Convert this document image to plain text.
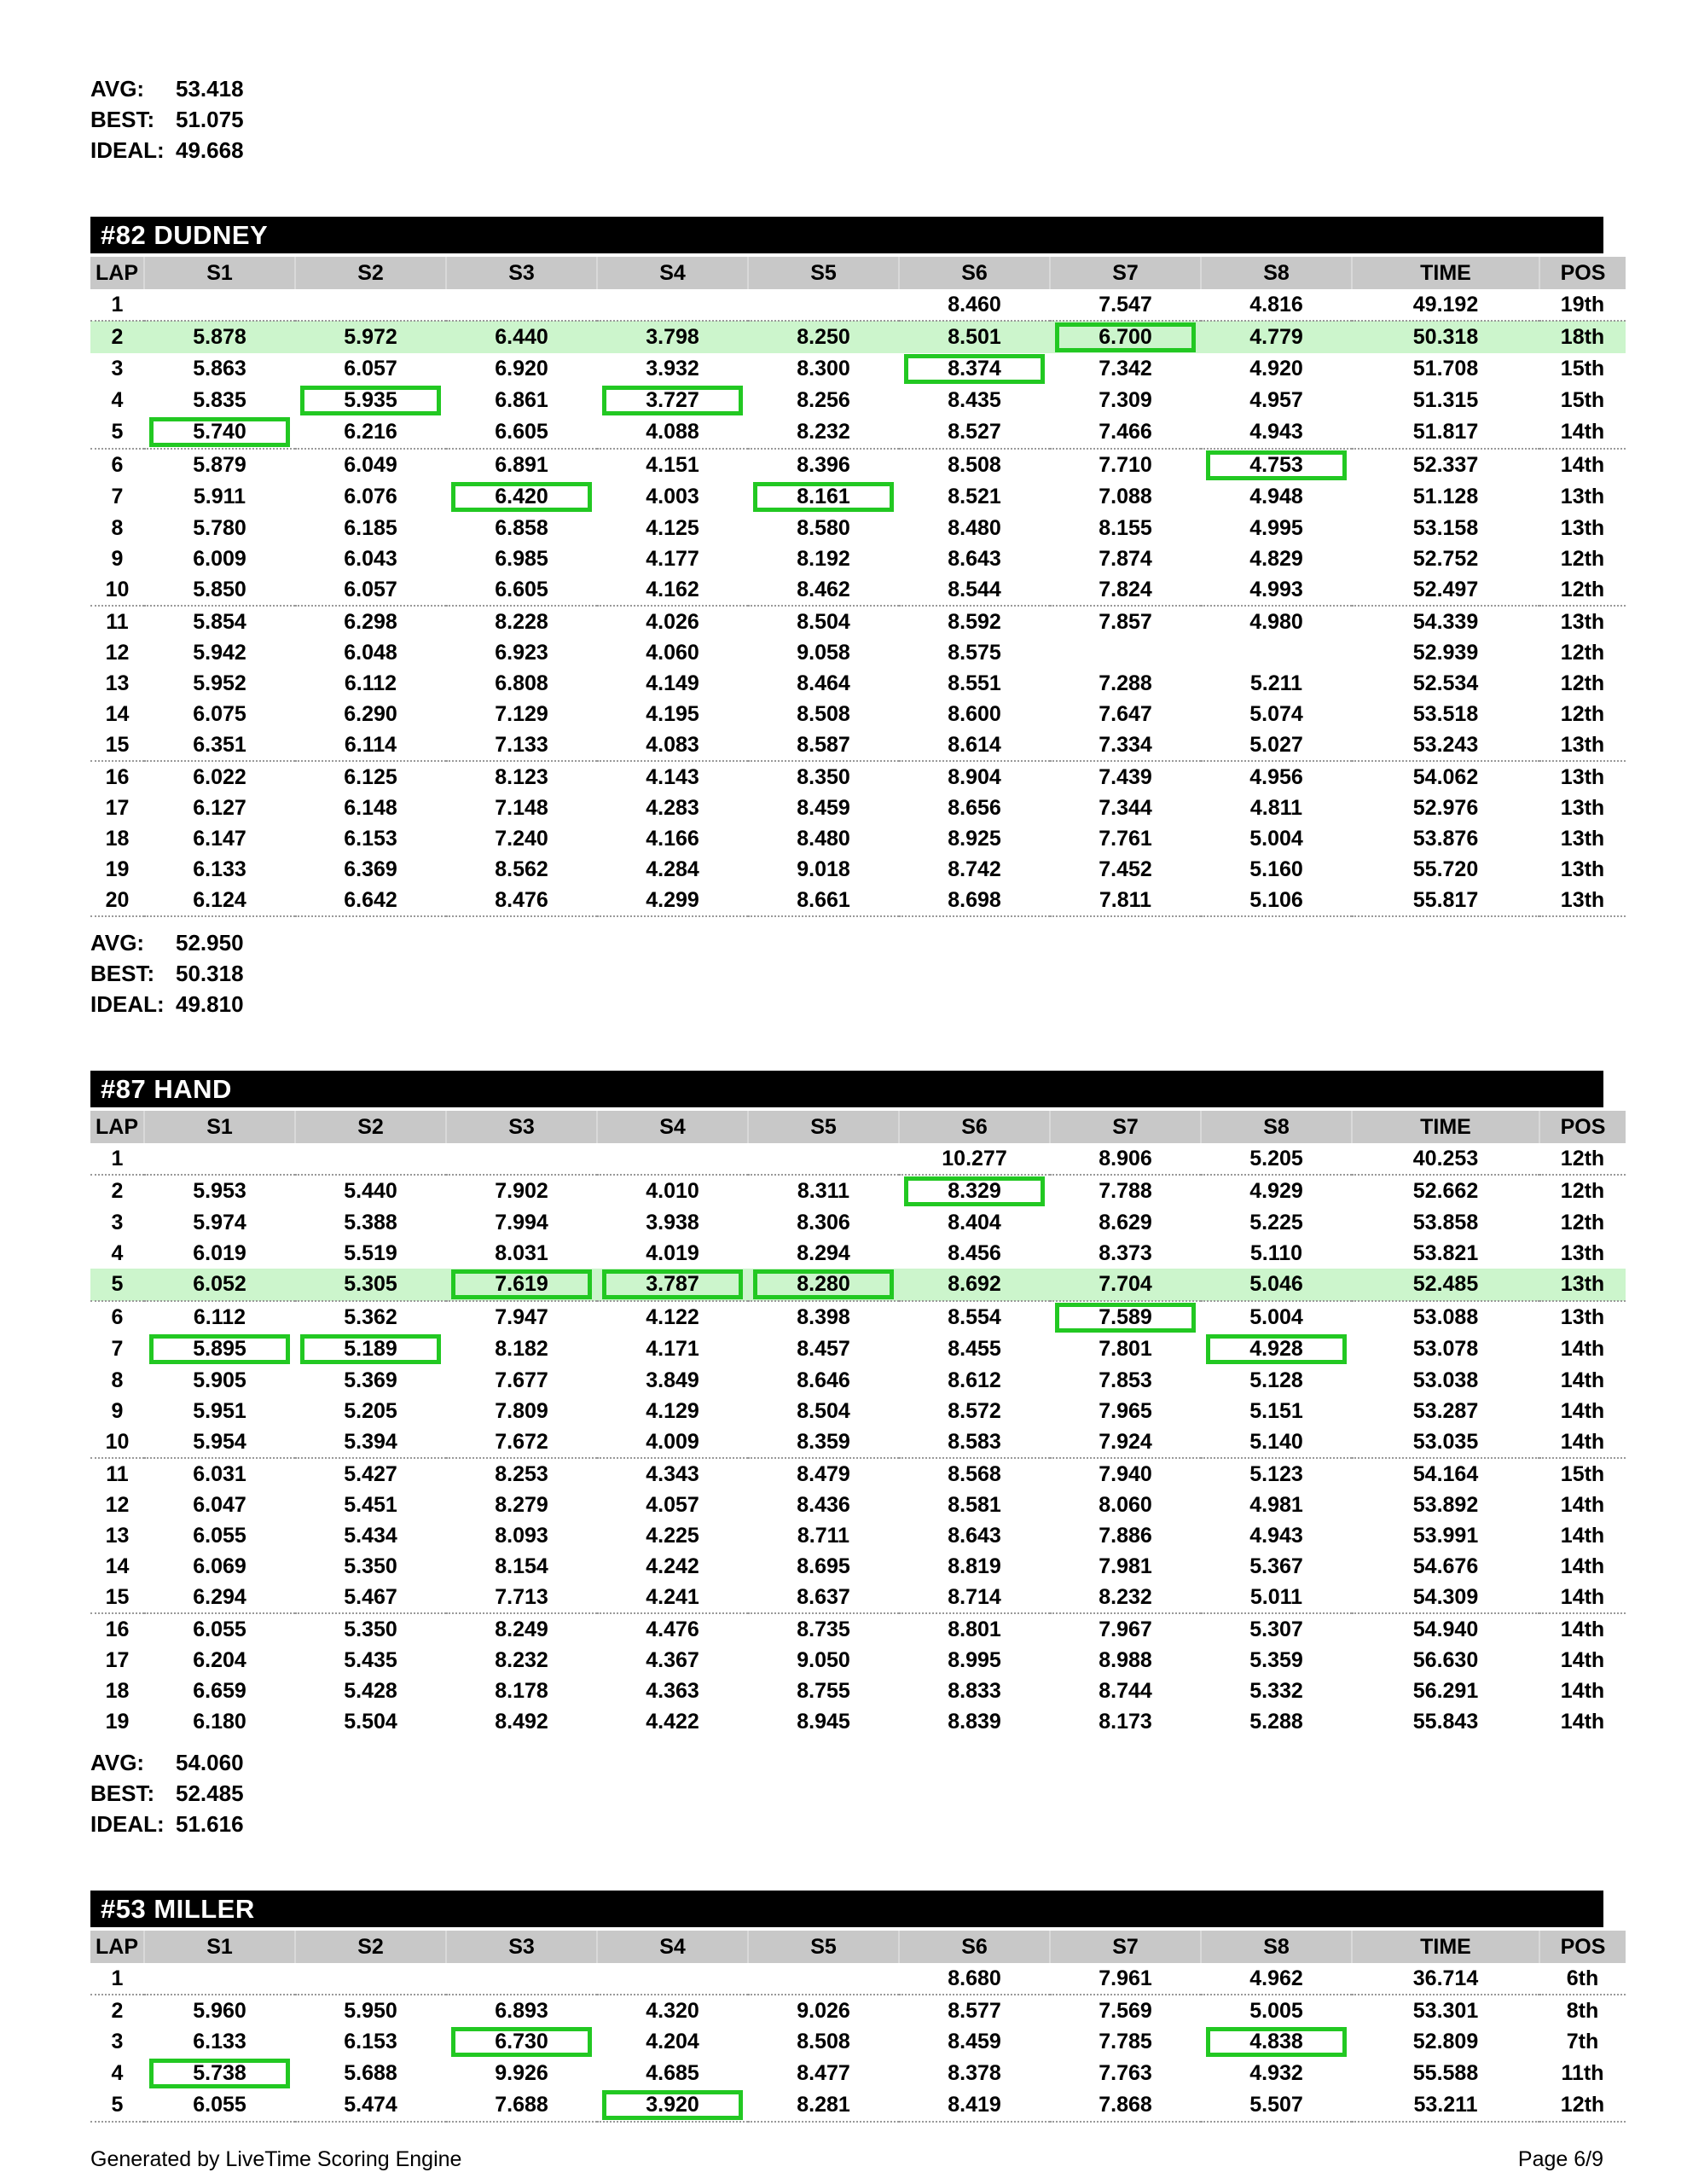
AVG: 53.418
BEST: 51.075
IDEAL: 49.668
#82 DUDNEY
LAP	S1	S2	S3	S4	S5	S6	S7	S8	TIME	POS
1						8.460	7.547	4.816	49.192	19th
2	5.878	5.972	6.440	3.798	8.250	8.501	6.700	4.779	50.318	18th
3	5.863	6.057	6.920	3.932	8.300	8.374	7.342	4.920	51.708	15th
4	5.835	5.935	6.861	3.727	8.256	8.435	7.309	4.957	51.315	15th
5	5.740	6.216	6.605	4.088	8.232	8.527	7.466	4.943	51.817	14th
6	5.879	6.049	6.891	4.151	8.396	8.508	7.710	4.753	52.337	14th
7	5.911	6.076	6.420	4.003	8.161	8.521	7.088	4.948	51.128	13th
8	5.780	6.185	6.858	4.125	8.580	8.480	8.155	4.995	53.158	13th
9	6.009	6.043	6.985	4.177	8.192	8.643	7.874	4.829	52.752	12th
10	5.850	6.057	6.605	4.162	8.462	8.544	7.824	4.993	52.497	12th
11	5.854	6.298	8.228	4.026	8.504	8.592	7.857	4.980	54.339	13th
12	5.942	6.048	6.923	4.060	9.058	8.575			52.939	12th
13	5.952	6.112	6.808	4.149	8.464	8.551	7.288	5.211	52.534	12th
14	6.075	6.290	7.129	4.195	8.508	8.600	7.647	5.074	53.518	12th
15	6.351	6.114	7.133	4.083	8.587	8.614	7.334	5.027	53.243	13th
16	6.022	6.125	8.123	4.143	8.350	8.904	7.439	4.956	54.062	13th
17	6.127	6.148	7.148	4.283	8.459	8.656	7.344	4.811	52.976	13th
18	6.147	6.153	7.240	4.166	8.480	8.925	7.761	5.004	53.876	13th
19	6.133	6.369	8.562	4.284	9.018	8.742	7.452	5.160	55.720	13th
20	6.124	6.642	8.476	4.299	8.661	8.698	7.811	5.106	55.817	13th
AVG: 52.950
BEST: 50.318
IDEAL: 49.810
#87 HAND
LAP	S1	S2	S3	S4	S5	S6	S7	S8	TIME	POS
1						10.277	8.906	5.205	40.253	12th
2	5.953	5.440	7.902	4.010	8.311	8.329	7.788	4.929	52.662	12th
3	5.974	5.388	7.994	3.938	8.306	8.404	8.629	5.225	53.858	12th
4	6.019	5.519	8.031	4.019	8.294	8.456	8.373	5.110	53.821	13th
5	6.052	5.305	7.619	3.787	8.280	8.692	7.704	5.046	52.485	13th
6	6.112	5.362	7.947	4.122	8.398	8.554	7.589	5.004	53.088	13th
7	5.895	5.189	8.182	4.171	8.457	8.455	7.801	4.928	53.078	14th
8	5.905	5.369	7.677	3.849	8.646	8.612	7.853	5.128	53.038	14th
9	5.951	5.205	7.809	4.129	8.504	8.572	7.965	5.151	53.287	14th
10	5.954	5.394	7.672	4.009	8.359	8.583	7.924	5.140	53.035	14th
11	6.031	5.427	8.253	4.343	8.479	8.568	7.940	5.123	54.164	15th
12	6.047	5.451	8.279	4.057	8.436	8.581	8.060	4.981	53.892	14th
13	6.055	5.434	8.093	4.225	8.711	8.643	7.886	4.943	53.991	14th
14	6.069	5.350	8.154	4.242	8.695	8.819	7.981	5.367	54.676	14th
15	6.294	5.467	7.713	4.241	8.637	8.714	8.232	5.011	54.309	14th
16	6.055	5.350	8.249	4.476	8.735	8.801	7.967	5.307	54.940	14th
17	6.204	5.435	8.232	4.367	9.050	8.995	8.988	5.359	56.630	14th
18	6.659	5.428	8.178	4.363	8.755	8.833	8.744	5.332	56.291	14th
19	6.180	5.504	8.492	4.422	8.945	8.839	8.173	5.288	55.843	14th
AVG: 54.060
BEST: 52.485
IDEAL: 51.616
#53 MILLER
LAP	S1	S2	S3	S4	S5	S6	S7	S8	TIME	POS
1						8.680	7.961	4.962	36.714	6th
2	5.960	5.950	6.893	4.320	9.026	8.577	7.569	5.005	53.301	8th
3	6.133	6.153	6.730	4.204	8.508	8.459	7.785	4.838	52.809	7th
4	5.738	5.688	9.926	4.685	8.477	8.378	7.763	4.932	55.588	11th
5	6.055	5.474	7.688	3.920	8.281	8.419	7.868	5.507	53.211	12th
Generated by LiveTime Scoring Engine	Page 6/9
